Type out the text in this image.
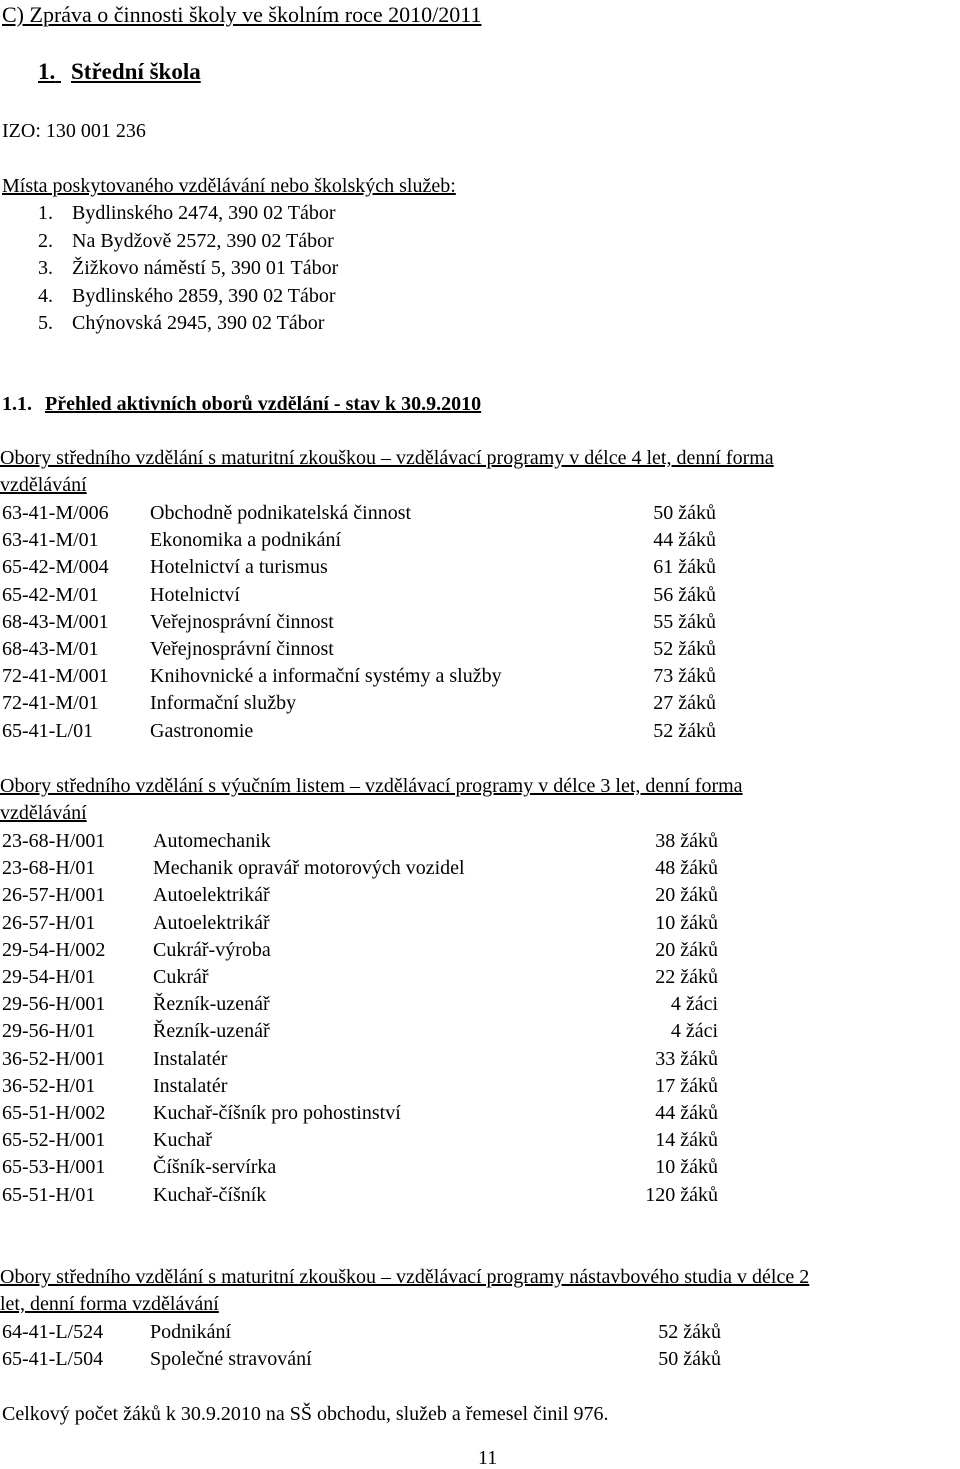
C) Zpráva o činnosti školy ve školním roce 2010/2011
1. Střední škola
IZO: 130 001 236
Místa poskytovaného vzdělávání nebo školských služeb:
1. Bydlinského 2474, 390 02 Tábor
2. Na Bydžově 2572, 390 02 Tábor
3. Žižkovo náměstí 5, 390 01 Tábor
4. Bydlinského 2859, 390 02 Tábor
5. Chýnovská 2945, 390 02 Tábor
1.1. Přehled aktivních oborů vzdělání - stav k 30.9.2010
Obory středního vzdělání s maturitní zkouškou – vzdělávací programy v délce 4 let, denní forma
vzdělávání
63-41-M/006 Obchodně podnikatelská činnost	50 žáků
63-41-M/01	Ekonomika a podnikání	44 žáků
65-42-M/004 Hotelnictví a turismus	61 žáků
65-42-M/01	Hotelnictví	56 žáků
68-43-M/001 Veřejnosprávní činnost	55 žáků
68-43-M/01	Veřejnosprávní činnost	52 žáků
72-41-M/001 Knihovnické a informační systémy a služby	73 žáků
72-41-M/01	Informační služby	27 žáků
65-41-L/01	Gastronomie	52 žáků
Obory středního vzdělání s výučním listem – vzdělávací programy v délce 3 let, denní forma
vzdělávání
23-68-H/001 Automechanik	38 žáků
23-68-H/01	Mechanik opravář motorových vozidel	48 žáků
26-57-H/001 Autoelektrikář	20 žáků
26-57-H/01	Autoelektrikář	10 žáků
29-54-H/002 Cukrář-výroba	20 žáků
29-54-H/01	Cukrář	22 žáků
29-56-H/001 Řezník-uzenář	4 žáci
29-56-H/01	Řezník-uzenář	4 žáci
36-52-H/001 Instalatér	33 žáků
36-52-H/01	Instalatér	17 žáků
65-51-H/002 Kuchař-číšník pro pohostinství	44 žáků
65-52-H/001 Kuchař	14 žáků
65-53-H/001 Číšník-servírka	10 žáků
65-51-H/01	Kuchař-číšník	120 žáků
Obory středního vzdělání s maturitní zkouškou – vzdělávací programy nástavbového studia v délce 2
let, denní forma vzdělávání
64-41-L/524 Podnikání	52 žáků
65-41-L/504 Společné stravování	50 žáků
Celkový počet žáků k 30.9.2010 na SŠ obchodu, služeb a řemesel činil 976.
11
